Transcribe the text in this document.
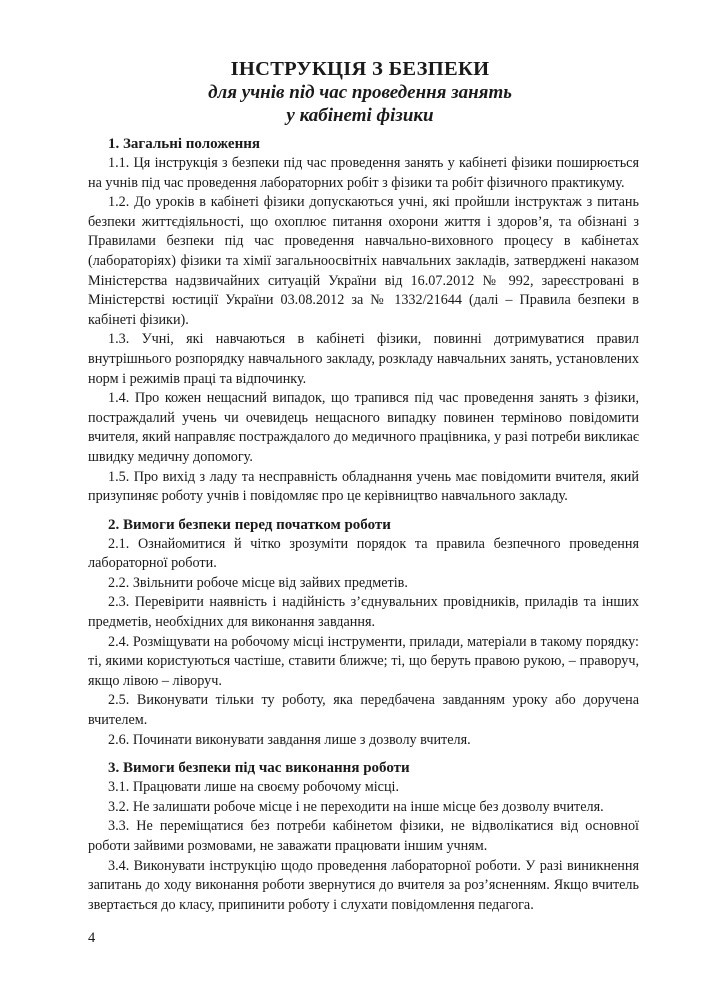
ІНСТРУКЦІЯ З БЕЗПЕКИ
для учнів під час проведення занять
у кабінеті фізики
1. Загальні положення

1.1. Ця інструкція з безпеки під час проведення занять у кабінеті фізики поширюється на учнів під час проведення лабораторних робіт з фізики та робіт фізичного практикуму.

1.2. До уроків в кабінеті фізики допускаються учні, які пройшли інструктаж з питань безпеки життєдіяльності, що охоплює питання охорони життя і здоров’я, та обізнані з Правилами безпеки під час проведення навчально-виховного процесу в кабінетах (лабораторіях) фізики та хімії загальноосвітніх навчальних закладів, затверджені наказом Міністерства надзвичайних ситуацій України від 16.07.2012 № 992, зареєстровані в Міністерстві юстиції України 03.08.2012 за № 1332/21644 (далі – Правила безпеки в кабінеті фізики).

1.3. Учні, які навчаються в кабінеті фізики, повинні дотримуватися правил внутрішнього розпорядку навчального закладу, розкладу навчальних занять, установлених норм і режимів праці та відпочинку.

1.4. Про кожен нещасний випадок, що трапився під час проведення занять з фізики, постраждалий учень чи очевидець нещасного випадку повинен терміново повідомити вчителя, який направляє постраждалого до медичного працівника, у разі потреби викликає швидку медичну допомогу.

1.5. Про вихід з ладу та несправність обладнання учень має повідомити вчителя, який призупиняє роботу учнів і повідомляє про це керівництво навчального закладу.

2. Вимоги безпеки перед початком роботи

2.1. Ознайомитися й чітко зрозуміти порядок та правила безпечного проведення лабораторної роботи.

2.2. Звільнити робоче місце від зайвих предметів.

2.3. Перевірити наявність і надійність з’єднувальних провідників, приладів та інших предметів, необхідних для виконання завдання.

2.4. Розміщувати на робочому місці інструменти, прилади, матеріали в такому порядку: ті, якими користуються частіше, ставити ближче; ті, що беруть правою рукою, – праворуч, якщо лівою – ліворуч.

2.5. Виконувати тільки ту роботу, яка передбачена завданням уроку або доручена вчителем.

2.6. Починати виконувати завдання лише з дозволу вчителя.

3. Вимоги безпеки під час виконання роботи

3.1. Працювати лише на своєму робочому місці.

3.2. Не залишати робоче місце і не переходити на інше місце без дозволу вчителя.

3.3. Не переміщатися без потреби кабінетом фізики, не відволікатися від основної роботи зайвими розмовами, не заважати працювати іншим учням.

3.4. Виконувати інструкцію щодо проведення лабораторної роботи. У разі виникнення запитань до ходу виконання роботи звернутися до вчителя за роз’ясненням. Якщо вчитель звертається до класу, припинити роботу і слухати повідомлення педагога.

4
